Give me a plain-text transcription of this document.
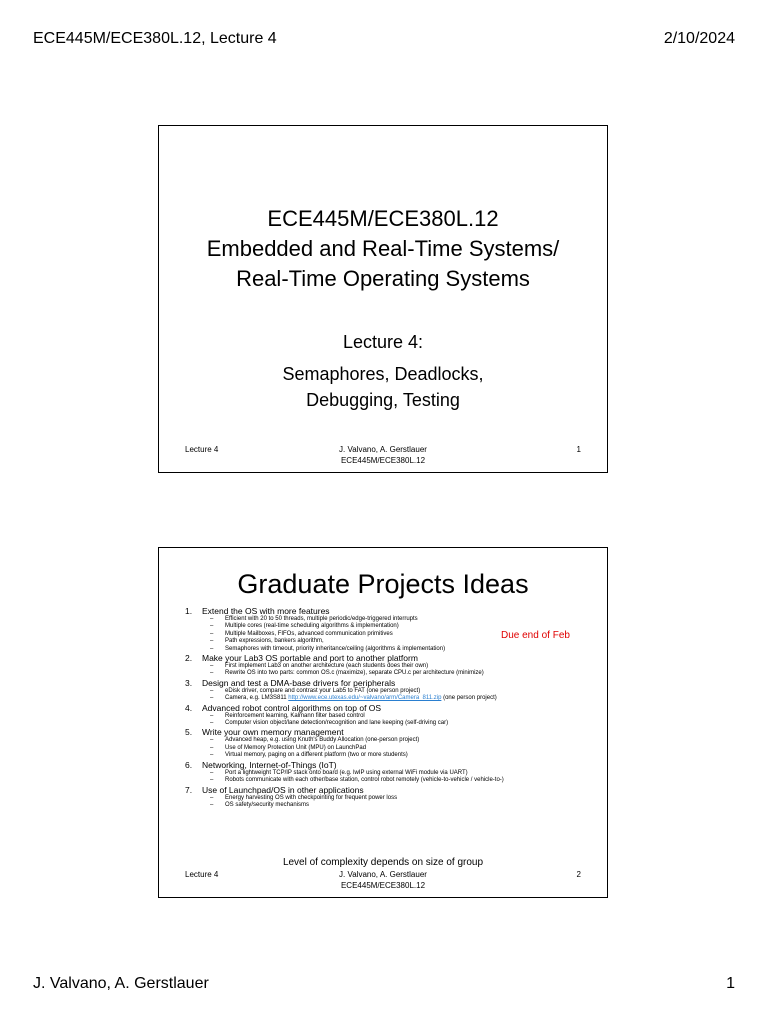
ECE445M/ECE380L.12, Lecture 4	2/10/2024
ECE445M/ECE380L.12
Embedded and Real-Time Systems/
Real-Time Operating Systems
Lecture 4:
Semaphores, Deadlocks,
Debugging, Testing
Lecture 4	J. Valvano, A. Gerstlauer
ECE445M/ECE380L.12
1
Graduate Projects Ideas
Due end of Feb
1. Extend the OS with more features
– Efficient with 20 to 50 threads, multiple periodic/edge-triggered interrupts
– Multiple cores (real-time scheduling algorithms & implementation)
– Multiple Mailboxes, FIFOs, advanced communication primitives
– Path expressions, bankers algorithm,
– Semaphores with timeout, priority inheritance/ceiling (algorithms & implementation)
2. Make your Lab3 OS portable and port to another platform
– First implement Lab3 on another architecture (each students does their own)
– Rewrite OS into two parts: common OS.c (maximize), separate CPU.c per architecture (minimize)
3. Design and test a DMA-base drivers for peripherals
– eDisk driver, compare and contrast your Lab5 to FAT (one person project)
– Camera, e.g. LM3S811 http://www.ece.utexas.edu/~valvano/arm/Camera_811.zip (one person project)
4. Advanced robot control algorithms on top of OS
– Reinforcement learning, Kalmann filter based control
– Computer vision object/lane detection/recognition and lane keeping (self-driving car)
5. Write your own memory management
– Advanced heap, e.g. using Knuth's Buddy Allocation (one-person project)
– Use of Memory Protection Unit (MPU) on LaunchPad
– Virtual memory, paging on a different platform (two or more students)
6. Networking, Internet-of-Things (IoT)
– Port a lightweight TCP/IP stack onto board (e.g. lwIP using external WiFi module via UART)
– Robots communicate with each other/base station, control robot remotely (vehicle-to-vehicle / vehicle-to-)
7. Use of Launchpad/OS in other applications
– Energy harvesting OS with checkpointing for frequent power loss
– OS safety/security mechanisms
Level of complexity depends on size of group
Lecture 4	J. Valvano, A. Gerstlauer
ECE445M/ECE380L.12
2
J. Valvano, A. Gerstlauer	1
